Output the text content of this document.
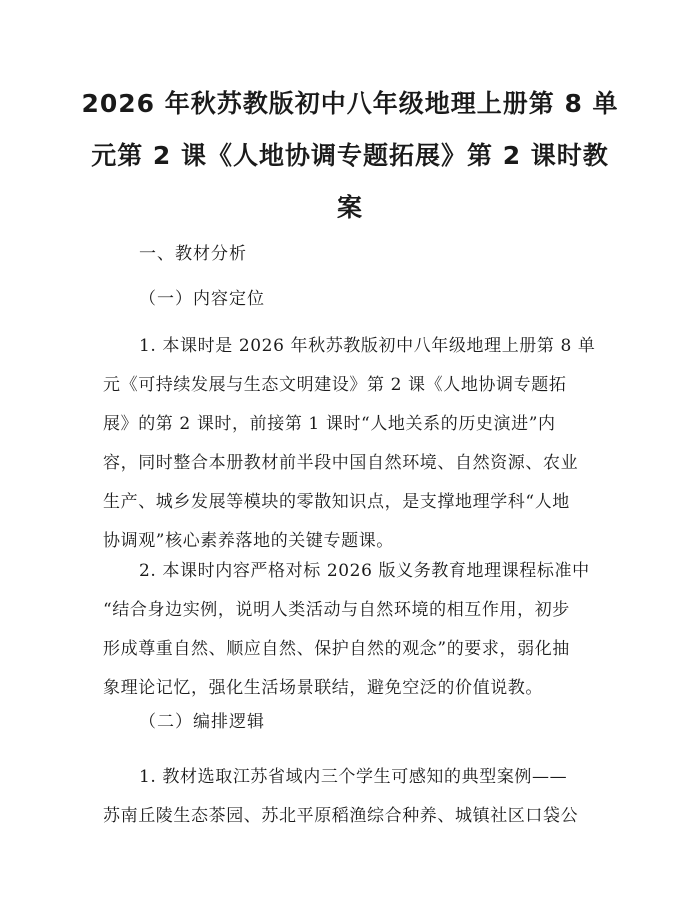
2026 年秋苏教版初中八年级地理上册第 8 单
元第 2 课《人地协调专题拓展》第 2 课时教
案
一、教材分析
（一）内容定位
1. 本课时是 2026 年秋苏教版初中八年级地理上册第 8 单
元《可持续发展与生态文明建设》第 2 课《人地协调专题拓
展》的第 2 课时，前接第 1 课时“人地关系的历史演进”内
容，同时整合本册教材前半段中国自然环境、自然资源、农业
生产、城乡发展等模块的零散知识点，是支撑地理学科“人地
协调观”核心素养落地的关键专题课。
2. 本课时内容严格对标 2026 版义务教育地理课程标准中
“结合身边实例，说明人类活动与自然环境的相互作用，初步
形成尊重自然、顺应自然、保护自然的观念”的要求，弱化抽
象理论记忆，强化生活场景联结，避免空泛的价值说教。
（二）编排逻辑
1. 教材选取江苏省域内三个学生可感知的典型案例——
苏南丘陵生态茶园、苏北平原稻渔综合种养、城镇社区口袋公
